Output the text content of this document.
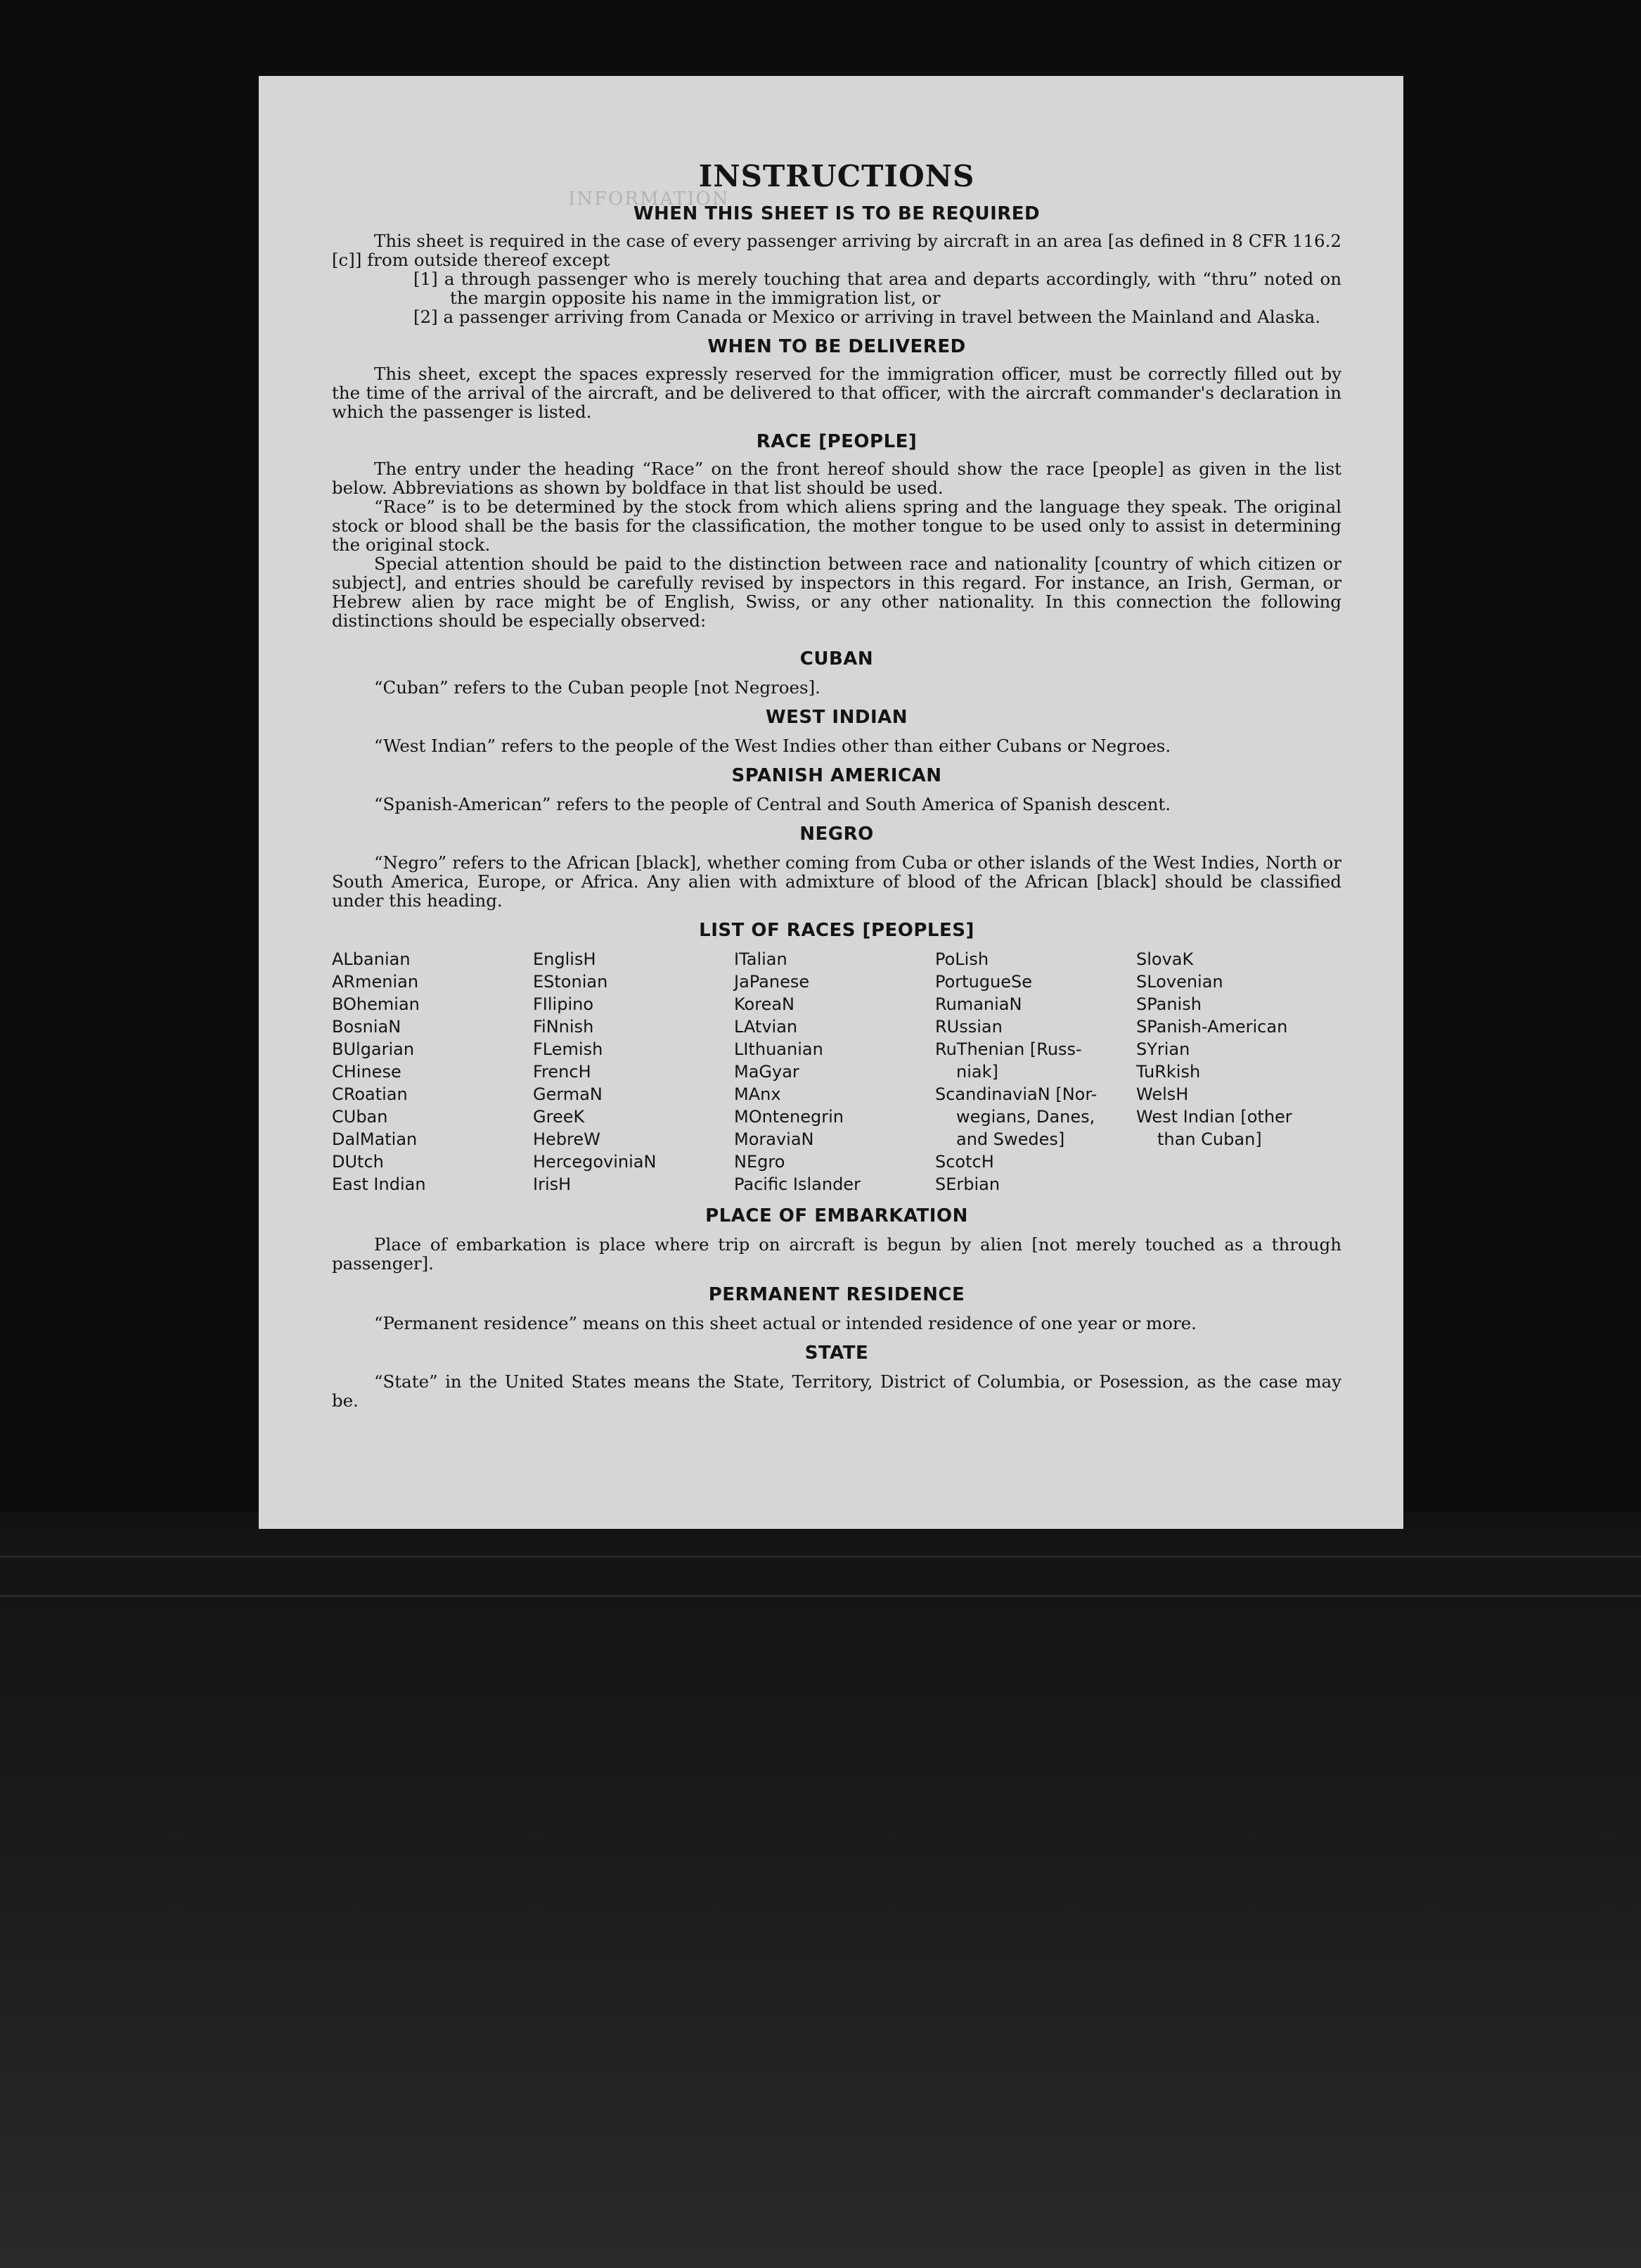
INFORMATION
INSTRUCTIONS
WHEN THIS SHEET IS TO BE REQUIRED

This sheet is required in the case of every passenger arriving by aircraft in an area [as defined in 8 CFR 116.2 [c]] from outside thereof except

[1] a through passenger who is merely touching that area and departs accordingly, with “thru” noted on the margin opposite his name in the immigration list, or

[2] a passenger arriving from Canada or Mexico or arriving in travel between the Mainland and Alaska.

WHEN TO BE DELIVERED

This sheet, except the spaces expressly reserved for the immigration officer, must be correctly filled out by the time of the arrival of the aircraft, and be delivered to that officer, with the aircraft commander's declaration in which the passenger is listed.

RACE [PEOPLE]

The entry under the heading “Race” on the front hereof should show the race [people] as given in the list below. Abbreviations as shown by boldface in that list should be used.

“Race” is to be determined by the stock from which aliens spring and the language they speak. The original stock or blood shall be the basis for the classification, the mother tongue to be used only to assist in determining the original stock.

Special attention should be paid to the distinction between race and nationality [country of which citizen or subject], and entries should be carefully revised by inspectors in this regard. For instance, an Irish, German, or Hebrew alien by race might be of English, Swiss, or any other nationality. In this connection the following distinctions should be especially observed:

CUBAN

“Cuban” refers to the Cuban people [not Negroes].

WEST INDIAN

“West Indian” refers to the people of the West Indies other than either Cubans or Negroes.

SPANISH AMERICAN

“Spanish-American” refers to the people of Central and South America of Spanish descent.

NEGRO

“Negro” refers to the African [black], whether coming from Cuba or other islands of the West Indies, North or South America, Europe, or Africa. Any alien with admixture of blood of the African [black] should be classified under this heading.

LIST OF RACES [PEOPLES]
ALbanian
ARmenian
BOhemian
BosniaN
BUlgarian
CHinese
CRoatian
CUban
DalMatian
DUtch
East Indian
EnglisH
EStonian
FIlipino
FiNnish
FLemish
FrencH
GermaN
GreeK
HebreW
HercegoviniaN
IrisH
ITalian
JaPanese
KoreaN
LAtvian
LIthuanian
MaGyar
MAnx
MOntenegrin
MoraviaN
NEgro
Pacific Islander
PoLish
PortugueSe
RumaniaN
RUssian
RuThenian [Russ-
niak]
ScandinaviaN [Nor-
wegians, Danes,
and Swedes]
ScotcH
SErbian
SlovaK
SLovenian
SPanish
SPanish-American
SYrian
TuRkish
WelsH
West Indian [other
than Cuban]
PLACE OF EMBARKATION

Place of embarkation is place where trip on aircraft is begun by alien [not merely touched as a through passenger].

PERMANENT RESIDENCE

“Permanent residence” means on this sheet actual or intended residence of one year or more.

STATE

“State” in the United States means the State, Territory, District of Columbia, or Posession, as the case may be.
